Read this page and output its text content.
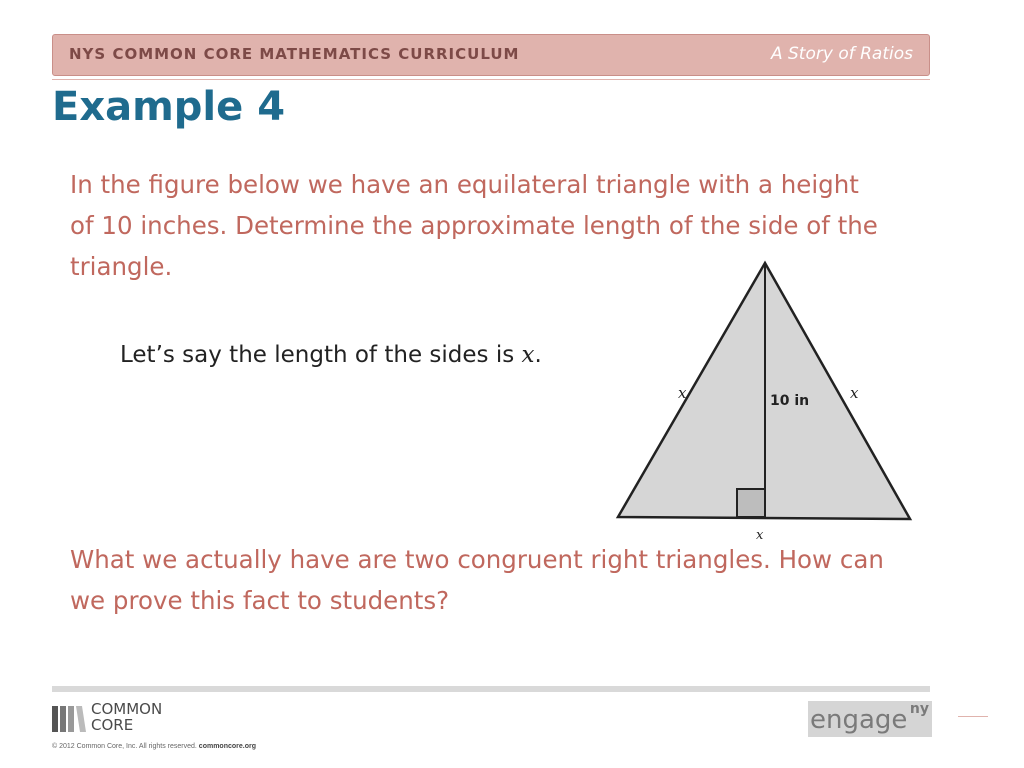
NYS COMMON CORE MATHEMATICS CURRICULUM	A Story of Ratios
Example 4

In the figure below we have an equilateral triangle with a height of 10 inches. Determine the approximate length of the side of the triangle.

Let’s say the length of the sides is x.
x	x
10 in
x

What we actually have are two congruent right triangles. How can we prove this fact to students?

COMMON
CORE
© 2012 Common Core, Inc. All rights reserved. commoncore.org
engage ny
